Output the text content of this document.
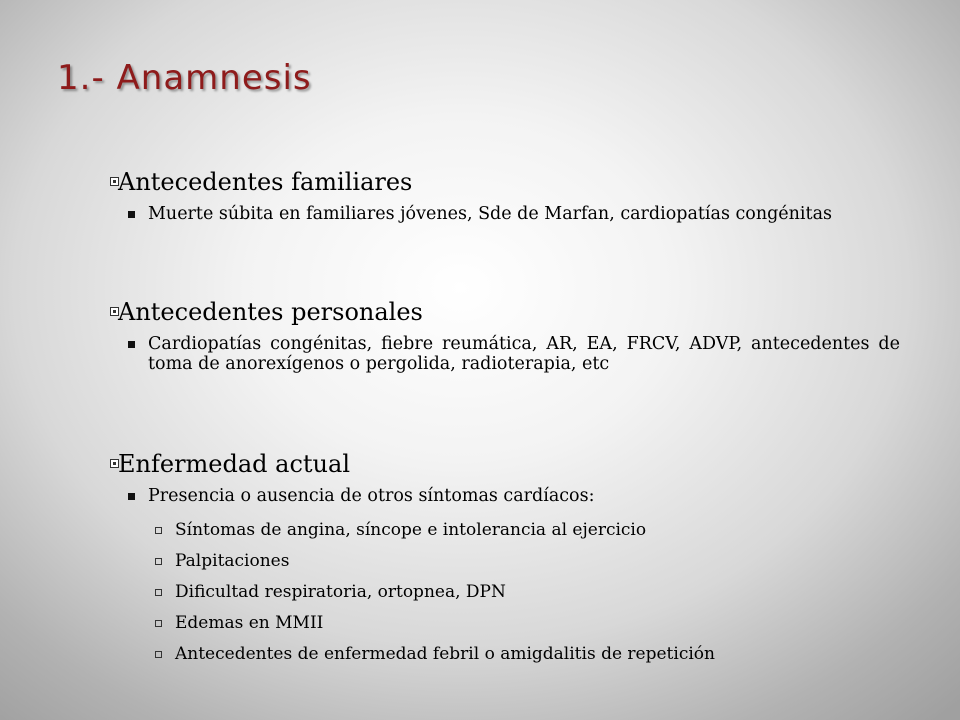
1.- Anamnesis
Antecedentes familiares
Muerte súbita en familiares jóvenes, Sde de Marfan, cardiopatías congénitas
Antecedentes personales
Cardiopatías congénitas, fiebre reumática, AR, EA, FRCV, ADVP, antecedentes de toma de anorexígenos o pergolida, radioterapia, etc
Enfermedad actual
Presencia o ausencia de otros síntomas cardíacos:
Síntomas de angina, síncope e intolerancia al ejercicio
Palpitaciones
Dificultad respiratoria, ortopnea, DPN
Edemas en MMII
Antecedentes de enfermedad febril o amigdalitis de repetición
